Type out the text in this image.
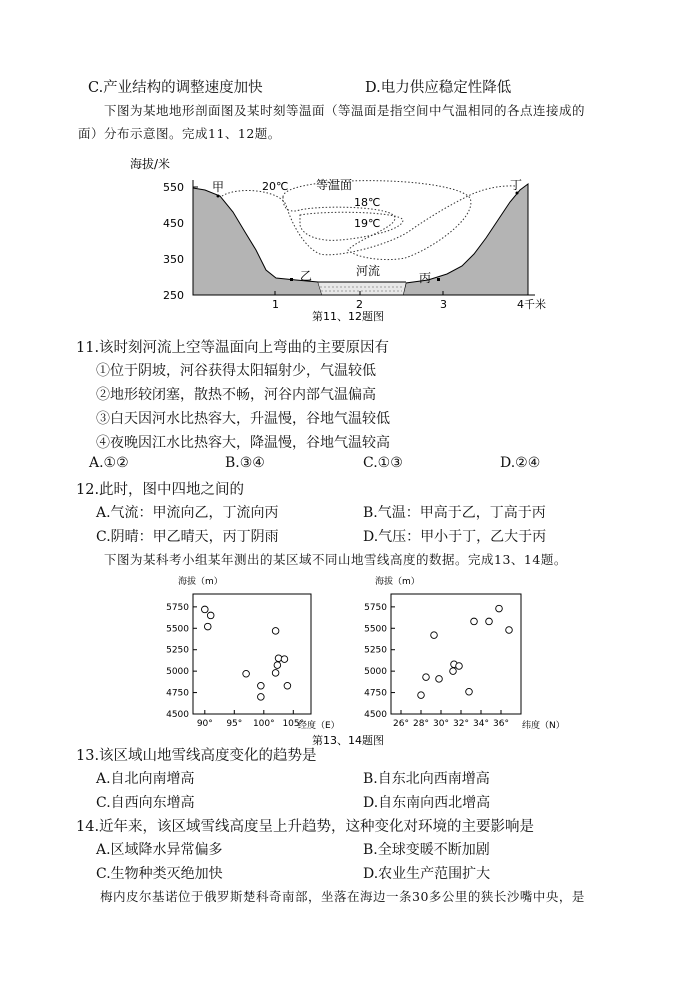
C.产业结构的调整速度加快	D.电力供应稳定性降低
下图为某地地形剖面图及某时刻等温面（等温面是指空间中气温相同的各点连接成的
面）分布示意图。完成11、12题。
海拔/米
550
450
350
250
1	2	3	4千米
甲	丁
乙	丙
20℃ 等温面
18℃
19℃
河流
第11、12题图
11.该时刻河流上空等温面向上弯曲的主要原因有
①位于阴坡，河谷获得太阳辐射少，气温较低
②地形较闭塞，散热不畅，河谷内部气温偏高
③白天因河水比热容大，升温慢，谷地气温较低
④夜晚因江水比热容大，降温慢，谷地气温较高
A.①②	B.③④	C.①③	D.②④
12.此时，图中四地之间的
A.气流：甲流向乙，丁流向丙	B.气温：甲高于乙，丁高于丙
C.阴晴：甲乙晴天，丙丁阴雨	D.气压：甲小于丁，乙大于丙
下图为某科考小组某年测出的某区域不同山地雪线高度的数据。完成13、14题。
海拔（m）
经度（E）
4500
4750
5000
5250
5500
5750
90° 95° 100° 105°
海拔（m）
纬度（N）
4500
4750
5000
5250
5500
5750
26° 28° 30° 32° 34° 36°
第13、14题图
13.该区域山地雪线高度变化的趋势是
A.自北向南增高	B.自东北向西南增高
C.自西向东增高	D.自东南向西北增高
14.近年来，该区域雪线高度呈上升趋势，这种变化对环境的主要影响是
A.区域降水异常偏多	B.全球变暖不断加剧
C.生物种类灭绝加快	D.农业生产范围扩大
梅内皮尔基诺位于俄罗斯楚科奇南部，坐落在海边一条30多公里的狭长沙嘴中央，是
